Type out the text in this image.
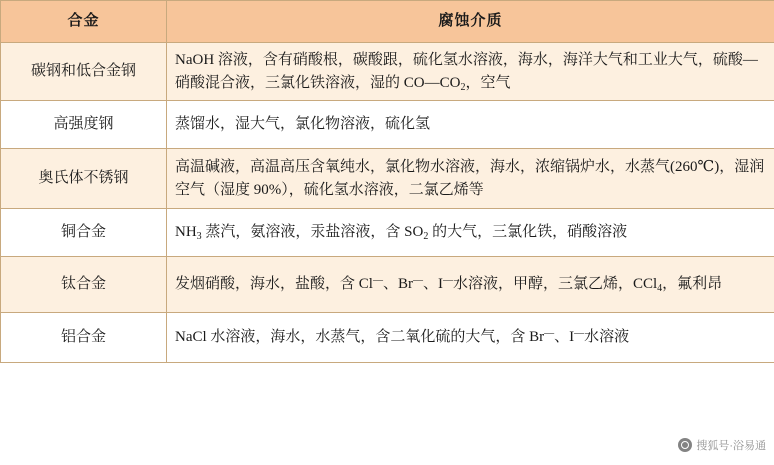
合金	腐蚀介质
碳钢和低合金钢	NaOH 溶液，含有硝酸根，碳酸跟，硫化氢水溶液，海水，海洋大气和工业大气，硫酸—硝酸混合液，三氯化铁溶液，湿的 $CO—CO_2$，空气
高强度钢	蒸馏水，湿大气，氯化物溶液，硫化氢
奥氏体不锈钢	高温碱液，高温高压含氧纯水，氯化物水溶液，海水，浓缩锅炉水，水蒸气(260℃)，湿润空气（湿度 90%），硫化氢水溶液，二氯乙烯等
铜合金	$NH_3$ 蒸汽，氨溶液，汞盐溶液，含 $SO_2$ 的大气，三氯化铁，硝酸溶液
钛合金	发烟硝酸，海水，盐酸，含 Cl—、Br—、I—水溶液，甲醇，三氯乙烯，CCl$_4$，氟利昂
铝合金	NaCl 水溶液，海水，水蒸气，含二氧化硫的大气，含 Br—、I—水溶液
搜狐号·浴易通
